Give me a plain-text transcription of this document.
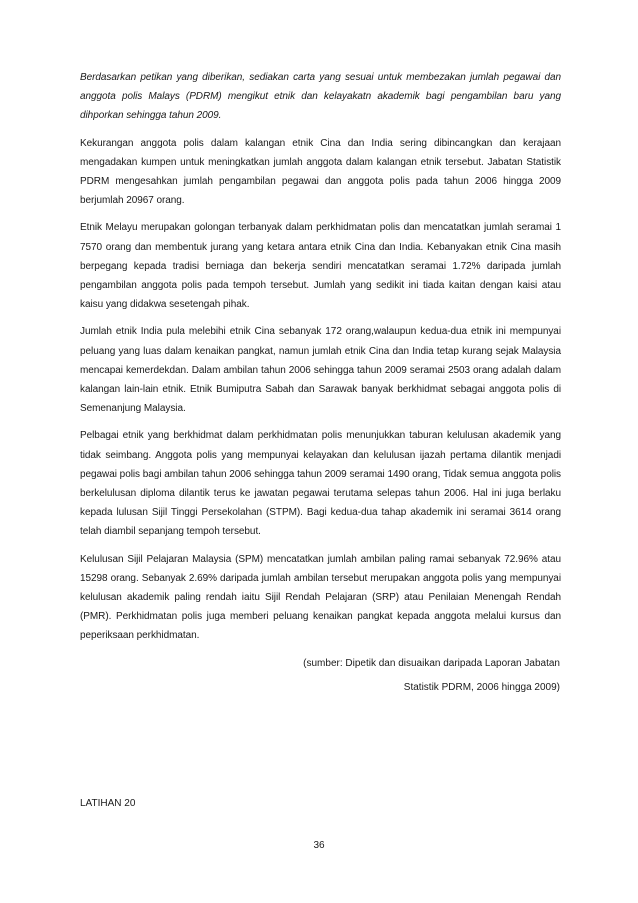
Berdasarkan petikan yang diberikan, sediakan carta yang sesuai untuk membezakan jumlah pegawai dan anggota polis Malays (PDRM) mengikut etnik dan kelayakatn akademik bagi pengambilan baru yang dihporkan sehingga tahun 2009.

Kekurangan anggota polis dalam kalangan etnik Cina dan India sering dibincangkan dan kerajaan mengadakan kumpen untuk meningkatkan jumlah anggota dalam kalangan etnik tersebut. Jabatan Statistik PDRM mengesahkan jumlah pengambilan pegawai dan anggota polis pada tahun 2006 hingga 2009 berjumlah 20967 orang.

Etnik Melayu merupakan golongan terbanyak dalam perkhidmatan polis dan mencatatkan jumlah seramai 1 7570 orang dan membentuk jurang yang ketara antara etnik Cina dan India. Kebanyakan etnik Cina masih berpegang kepada tradisi berniaga dan bekerja sendiri mencatatkan seramai 1.72% daripada jumlah pengambilan anggota polis pada tempoh tersebut. Jumlah yang sedikit ini tiada kaitan dengan kaisi atau kaisu yang didakwa sesetengah pihak.

Jumlah etnik India pula melebihi etnik Cina sebanyak 172 orang,walaupun kedua-dua etnik ini mempunyai peluang yang luas dalam kenaikan pangkat, namun jumlah etnik Cina dan India tetap kurang sejak Malaysia mencapai kemerdekdan. Dalam ambilan tahun 2006 sehingga tahun 2009 seramai 2503 orang adalah dalam kalangan lain-lain etnik. Etnik Bumiputra Sabah dan Sarawak banyak berkhidmat sebagai anggota polis di Semenanjung Malaysia.

Pelbagai etnik yang berkhidmat dalam perkhidmatan polis menunjukkan taburan kelulusan akademik yang tidak seimbang. Anggota polis yang mempunyai kelayakan dan kelulusan ijazah pertama dilantik menjadi pegawai polis bagi ambilan tahun 2006 sehingga tahun 2009 seramai 1490 orang, Tidak semua anggota polis berkelulusan diploma dilantik terus ke jawatan pegawai terutama selepas tahun 2006. Hal ini juga berlaku kepada lulusan Sijil Tinggi Persekolahan (STPM). Bagi kedua-dua tahap akademik ini seramai 3614 orang telah diambil sepanjang tempoh tersebut.

Kelulusan Sijil Pelajaran Malaysia (SPM) mencatatkan jumlah ambilan paling ramai sebanyak 72.96% atau 15298 orang. Sebanyak 2.69% daripada jumlah ambilan tersebut merupakan anggota polis yang mempunyai kelulusan akademik paling rendah iaitu Sijil Rendah Pelajaran (SRP) atau Penilaian Menengah Rendah (PMR). Perkhidmatan polis juga memberi peluang kenaikan pangkat kepada anggota melalui kursus dan peperiksaan perkhidmatan.

(sumber: Dipetik dan disuaikan daripada Laporan Jabatan

Statistik PDRM, 2006 hingga 2009)

LATIHAN 20
36
